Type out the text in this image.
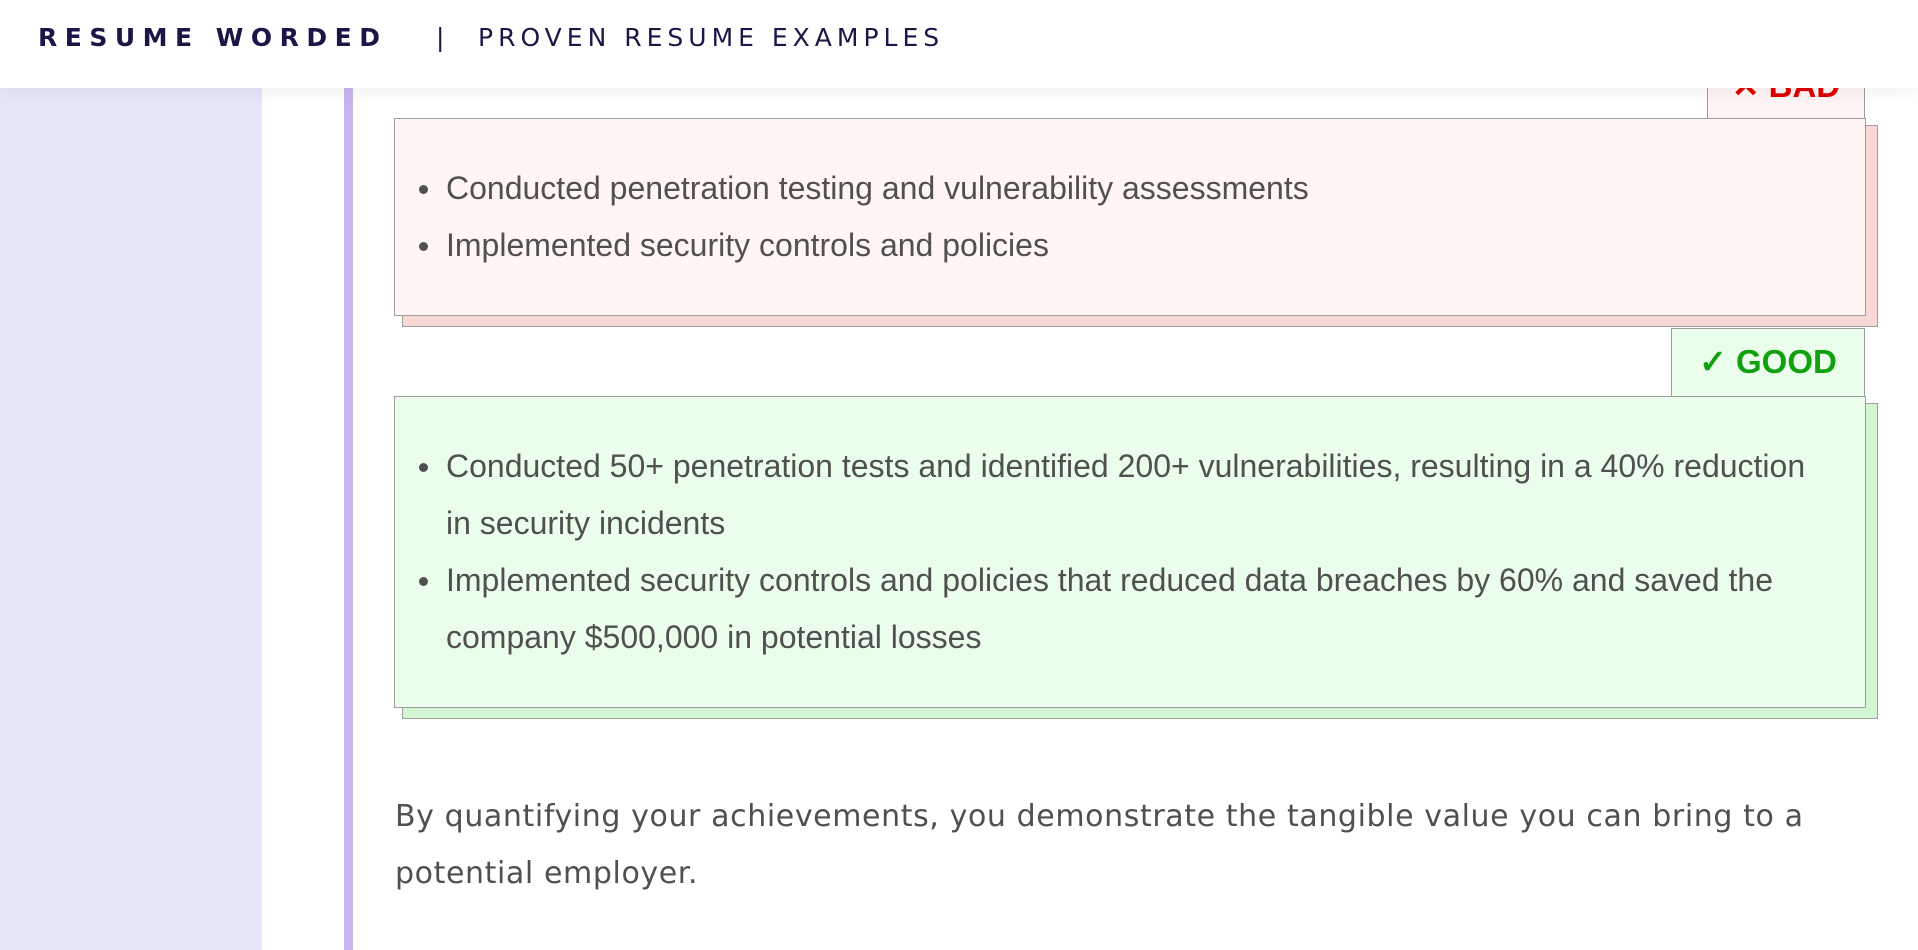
Conducted penetration testing and vulnerability assessments
Implemented security controls and policies
✓ GOOD
Conducted 50+ penetration tests and identified 200+ vulnerabilities, resulting in a 40% reduction in security incidents
Implemented security controls and policies that reduced data breaches by 60% and saved the company $500,000 in potential losses

By quantifying your achievements, you demonstrate the tangible value you can bring to a potential employer.

RESUME WORDED | PROVEN RESUME EXAMPLES
